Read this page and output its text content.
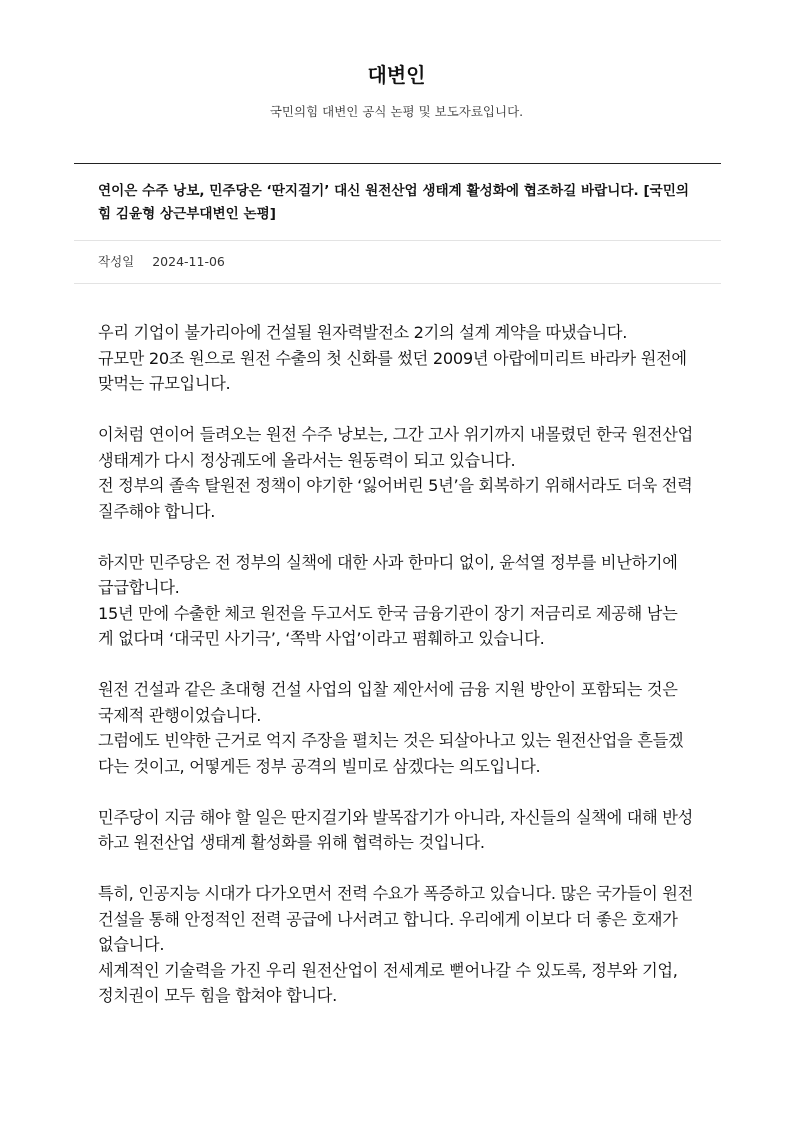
대변인

국민의힘 대변인 공식 논평 및 보도자료입니다.

연이은 수주 낭보, 민주당은 ‘딴지걸기’ 대신 원전산업 생태계 활성화에 협조하길 바랍니다. [국민의힘 김윤형 상근부대변인 논평]
작성일 2024-11-06

우리 기업이 불가리아에 건설될 원자력발전소 2기의 설계 계약을 따냈습니다.
규모만 20조 원으로 원전 수출의 첫 신화를 썼던 2009년 아랍에미리트 바라카 원전에 맞먹는 규모입니다.

이처럼 연이어 들려오는 원전 수주 낭보는, 그간 고사 위기까지 내몰렸던 한국 원전산업 생태계가 다시 정상궤도에 올라서는 원동력이 되고 있습니다.
전 정부의 졸속 탈원전 정책이 야기한 ‘잃어버린 5년’을 회복하기 위해서라도 더욱 전력 질주해야 합니다.

하지만 민주당은 전 정부의 실책에 대한 사과 한마디 없이, 윤석열 정부를 비난하기에 급급합니다.
15년 만에 수출한 체코 원전을 두고서도 한국 금융기관이 장기 저금리로 제공해 남는 게 없다며 ‘대국민 사기극’, ‘쪽박 사업’이라고 폄훼하고 있습니다.

원전 건설과 같은 초대형 건설 사업의 입찰 제안서에 금융 지원 방안이 포함되는 것은 국제적 관행이었습니다.
그럼에도 빈약한 근거로 억지 주장을 펼치는 것은 되살아나고 있는 원전산업을 흔들겠다는 것이고, 어떻게든 정부 공격의 빌미로 삼겠다는 의도입니다.

민주당이 지금 해야 할 일은 딴지걸기와 발목잡기가 아니라, 자신들의 실책에 대해 반성하고 원전산업 생태계 활성화를 위해 협력하는 것입니다.

특히, 인공지능 시대가 다가오면서 전력 수요가 폭증하고 있습니다. 많은 국가들이 원전 건설을 통해 안정적인 전력 공급에 나서려고 합니다. 우리에게 이보다 더 좋은 호재가 없습니다.
세계적인 기술력을 가진 우리 원전산업이 전세계로 뻗어나갈 수 있도록, 정부와 기업, 정치권이 모두 힘을 합쳐야 합니다.
